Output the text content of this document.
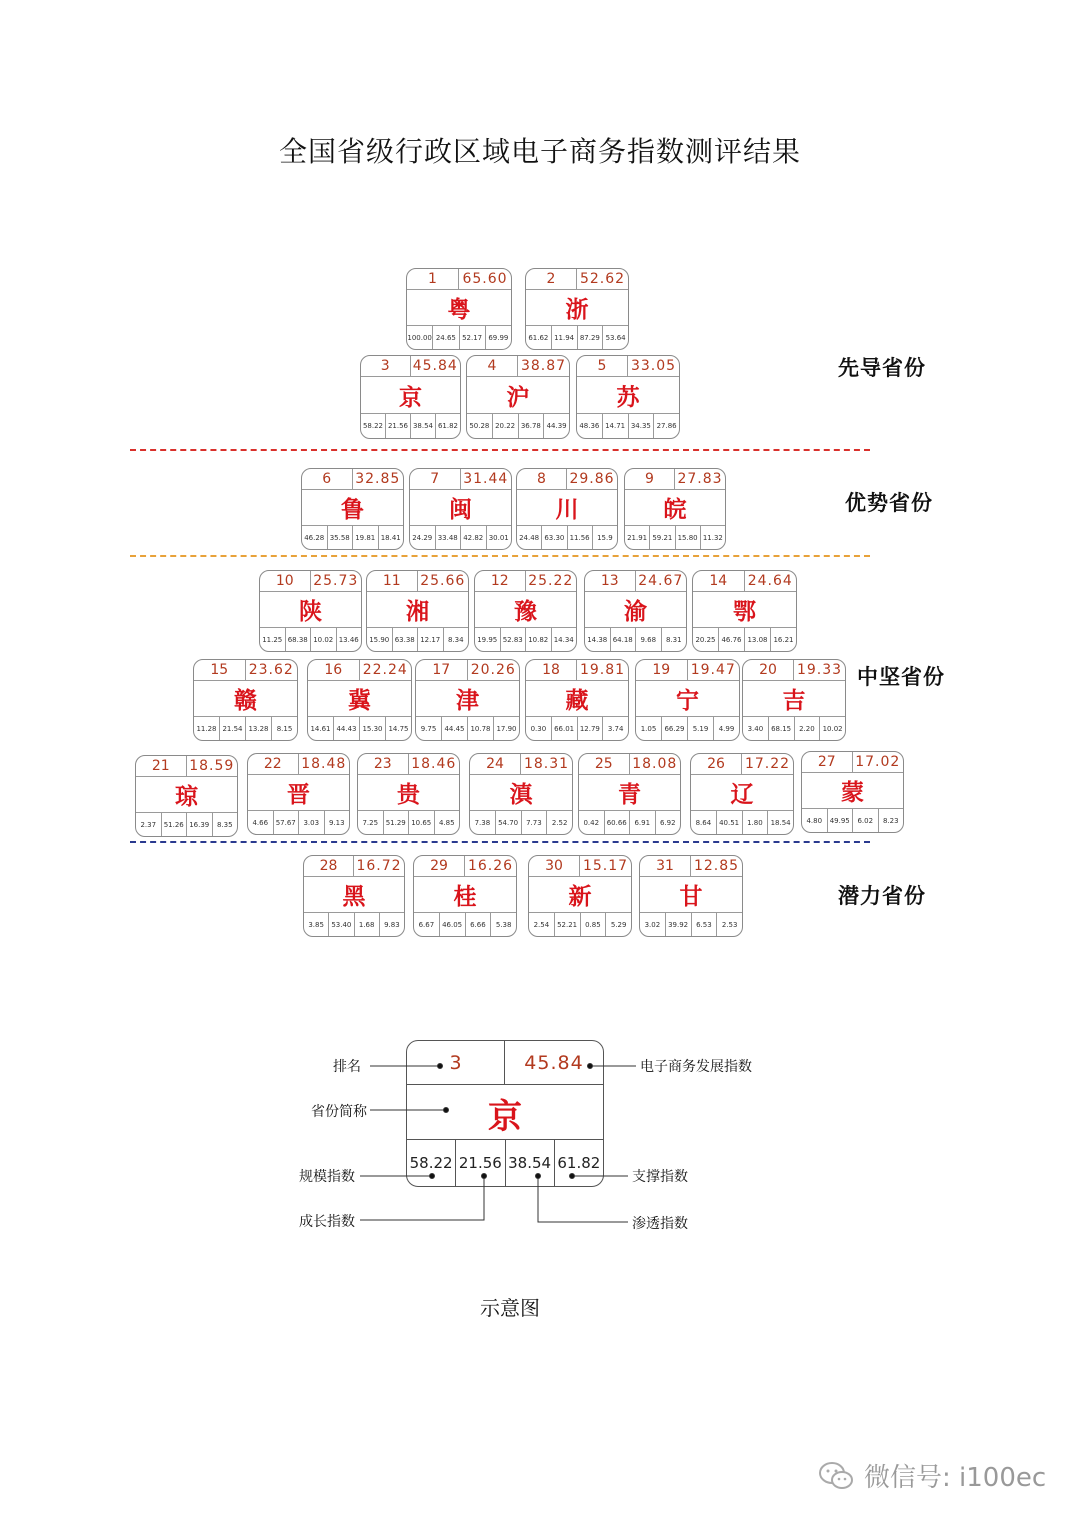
全国省级行政区域电子商务指数测评结果
1	65.60
粤
100.00 24.65 52.17 69.99
2	52.62
浙
61.62 11.94 87.29 53.64
3	45.84
京
58.22 21.56 38.54 61.82
4	38.87
沪
50.28 20.22 36.78 44.39
5	33.05
苏
48.36 14.71 34.35 27.86
6	32.85
鲁
46.28 35.58 19.81 18.41
7	31.44
闽
24.29 33.48 42.82 30.01
8	29.86
川
24.48 63.30 11.56	15.9
9	27.83
皖
21.91 59.21 15.80 11.32
10	25.73
陕
11.25 68.38 10.02 13.46
11	25.66
湘
15.90 63.38 12.17	8.34
12	25.22
豫
19.95 52.83 10.82 14.34
13	24.67
渝
14.38 64.18	9.68	8.31
14	24.64
鄂
20.25 46.76 13.08 16.21
15	23.62
赣
11.28 21.54 13.28	8.15
16	22.24
冀
14.61 44.43 15.30 14.75
17	20.26
津
9.75	44.45 10.78 17.90
18	19.81
藏
0.30	66.01 12.79	3.74
19	19.47
宁
1.05	66.29	5.19	4.99
20	19.33
吉
3.40	68.15	2.20	10.02
21	18.59
琼
2.37	51.26 16.39	8.35
22	18.48
晋
4.66	57.67	3.03	9.13
23	18.46
贵
7.25	51.29 10.65	4.85
24	18.31
滇
7.38	54.70	7.73	2.52
25	18.08
青
0.42	60.66	6.91	6.92
26	17.22
辽
8.64	40.51	1.80	18.54
27	17.02
蒙
4.80	49.95	6.02	8.23
28	16.72
黑
3.85	53.40	1.68	9.83
29	16.26
桂
6.67	46.05	6.66	5.38
30	15.17
新
2.54	52.21	0.85	5.29
31	12.85
甘
3.02	39.92	6.53	2.53
先导省份
优势省份
中坚省份
潜力省份
3	45.84
京
58.22 21.56 38.54 61.82
排名
省份简称
电子商务发展指数
规模指数	支撑指数
成长指数	渗透指数
示意图
微信号: i100ec
